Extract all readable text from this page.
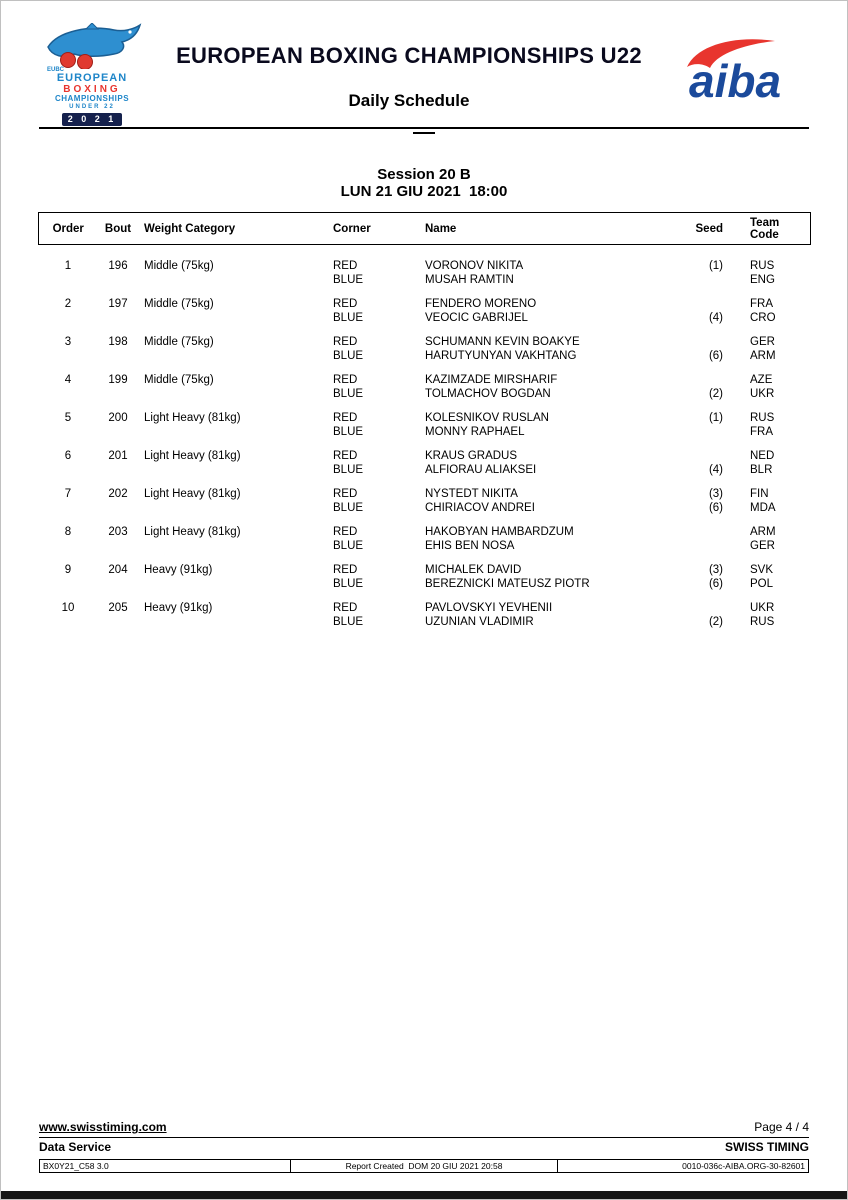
EUBC
EUROPEAN
BOXING
CHAMPIONSHIPS
UNDER 22
2 0 2 1
EUROPEAN BOXING CHAMPIONSHIPS U22
Daily Schedule	aiba
Session 20 B
LUN 21 GIU 2021  18:00
Order	Bout	Weight Category	Corner	Name	Seed	Team
Code
1	196	Middle (75kg)	RED	VORONOV NIKITA	(1)	RUS
			BLUE	MUSAH RAMTIN		ENG
2	197	Middle (75kg)	RED	FENDERO MORENO		FRA
			BLUE	VEOCIC GABRIJEL	(4)	CRO
3	198	Middle (75kg)	RED	SCHUMANN KEVIN BOAKYE		GER
			BLUE	HARUTYUNYAN VAKHTANG	(6)	ARM
4	199	Middle (75kg)	RED	KAZIMZADE MIRSHARIF		AZE
			BLUE	TOLMACHOV BOGDAN	(2)	UKR
5	200	Light Heavy (81kg)	RED	KOLESNIKOV RUSLAN	(1)	RUS
			BLUE	MONNY RAPHAEL		FRA
6	201	Light Heavy (81kg)	RED	KRAUS GRADUS		NED
			BLUE	ALFIORAU ALIAKSEI	(4)	BLR
7	202	Light Heavy (81kg)	RED	NYSTEDT NIKITA	(3)	FIN
			BLUE	CHIRIACOV ANDREI	(6)	MDA
8	203	Light Heavy (81kg)	RED	HAKOBYAN HAMBARDZUM		ARM
			BLUE	EHIS BEN NOSA		GER
9	204	Heavy (91kg)	RED	MICHALEK DAVID	(3)	SVK
			BLUE	BEREZNICKI MATEUSZ PIOTR	(6)	POL
10	205	Heavy (91kg)	RED	PAVLOVSKYI YEVHENII		UKR
			BLUE	UZUNIAN VLADIMIR	(2)	RUS
www.swisstiming.com	Page 4 / 4
Data Service	SWISS TIMING
BX0Y21_C58 3.0	Report Created  DOM 20 GIU 2021 20:58	0010-036c-AIBA.ORG-30-82601
